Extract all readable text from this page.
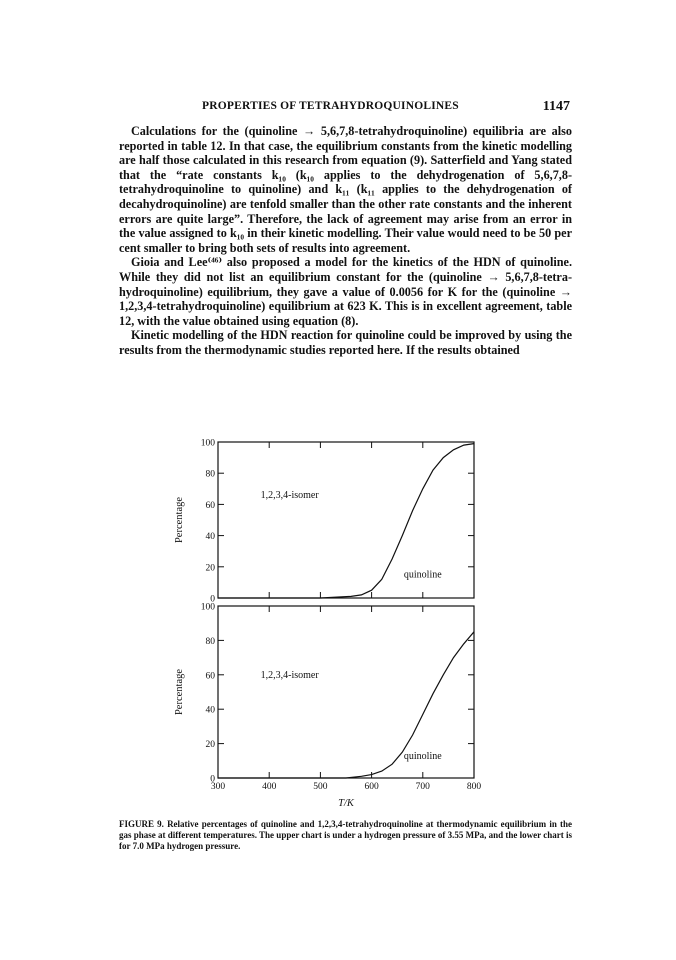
PROPERTIES OF TETRAHYDROQUINOLINES	1147

Calculations for the (quinoline → 5,6,7,8-tetrahydroquinoline) equilibria are also reported in table 12. In that case, the equilibrium constants from the kinetic modelling are half those calculated in this research from equation (9). Satterfield and Yang stated that the “rate constants k₁₀ (k₁₀ applies to the dehydrogenation of 5,6,7,8-tetrahydroquinoline to quinoline) and k₁₁ (k₁₁ applies to the dehydrogenation of decahydroquinoline) are tenfold smaller than the other rate constants and the inherent errors are quite large”. Therefore, the lack of agreement may arise from an error in the value assigned to k₁₀ in their kinetic modelling. Their value would need to be 50 per cent smaller to bring both sets of results into agreement.

Gioia and Lee⁽⁴⁶⁾ also proposed a model for the kinetics of the HDN of quinoline. While they did not list an equilibrium constant for the (quinoline → 5,6,7,8-tetra-hydroquinoline) equilibrium, they gave a value of 0.0056 for K for the (quinoline → 1,2,3,4-tetrahydroquinoline) equilibrium at 623 K. This is in excellent agreement, table 12, with the value obtained using equation (8).

Kinetic modelling of the HDN reaction for quinoline could be improved by using the results from the thermodynamic studies reported here. If the results obtained

0
20
40
60
80
100
Percentage
1,2,3,4-isomer
quinoline
0
20
40
60
80
100
300	400	500	600	700	800
Percentage
T/K
1,2,3,4-isomer
quinoline
FIGURE 9. Relative percentages of quinoline and 1,2,3,4-tetrahydroquinoline at thermodynamic equilibrium in the gas phase at different temperatures. The upper chart is under a hydrogen pressure of 3.55 MPa, and the lower chart is for 7.0 MPa hydrogen pressure.
